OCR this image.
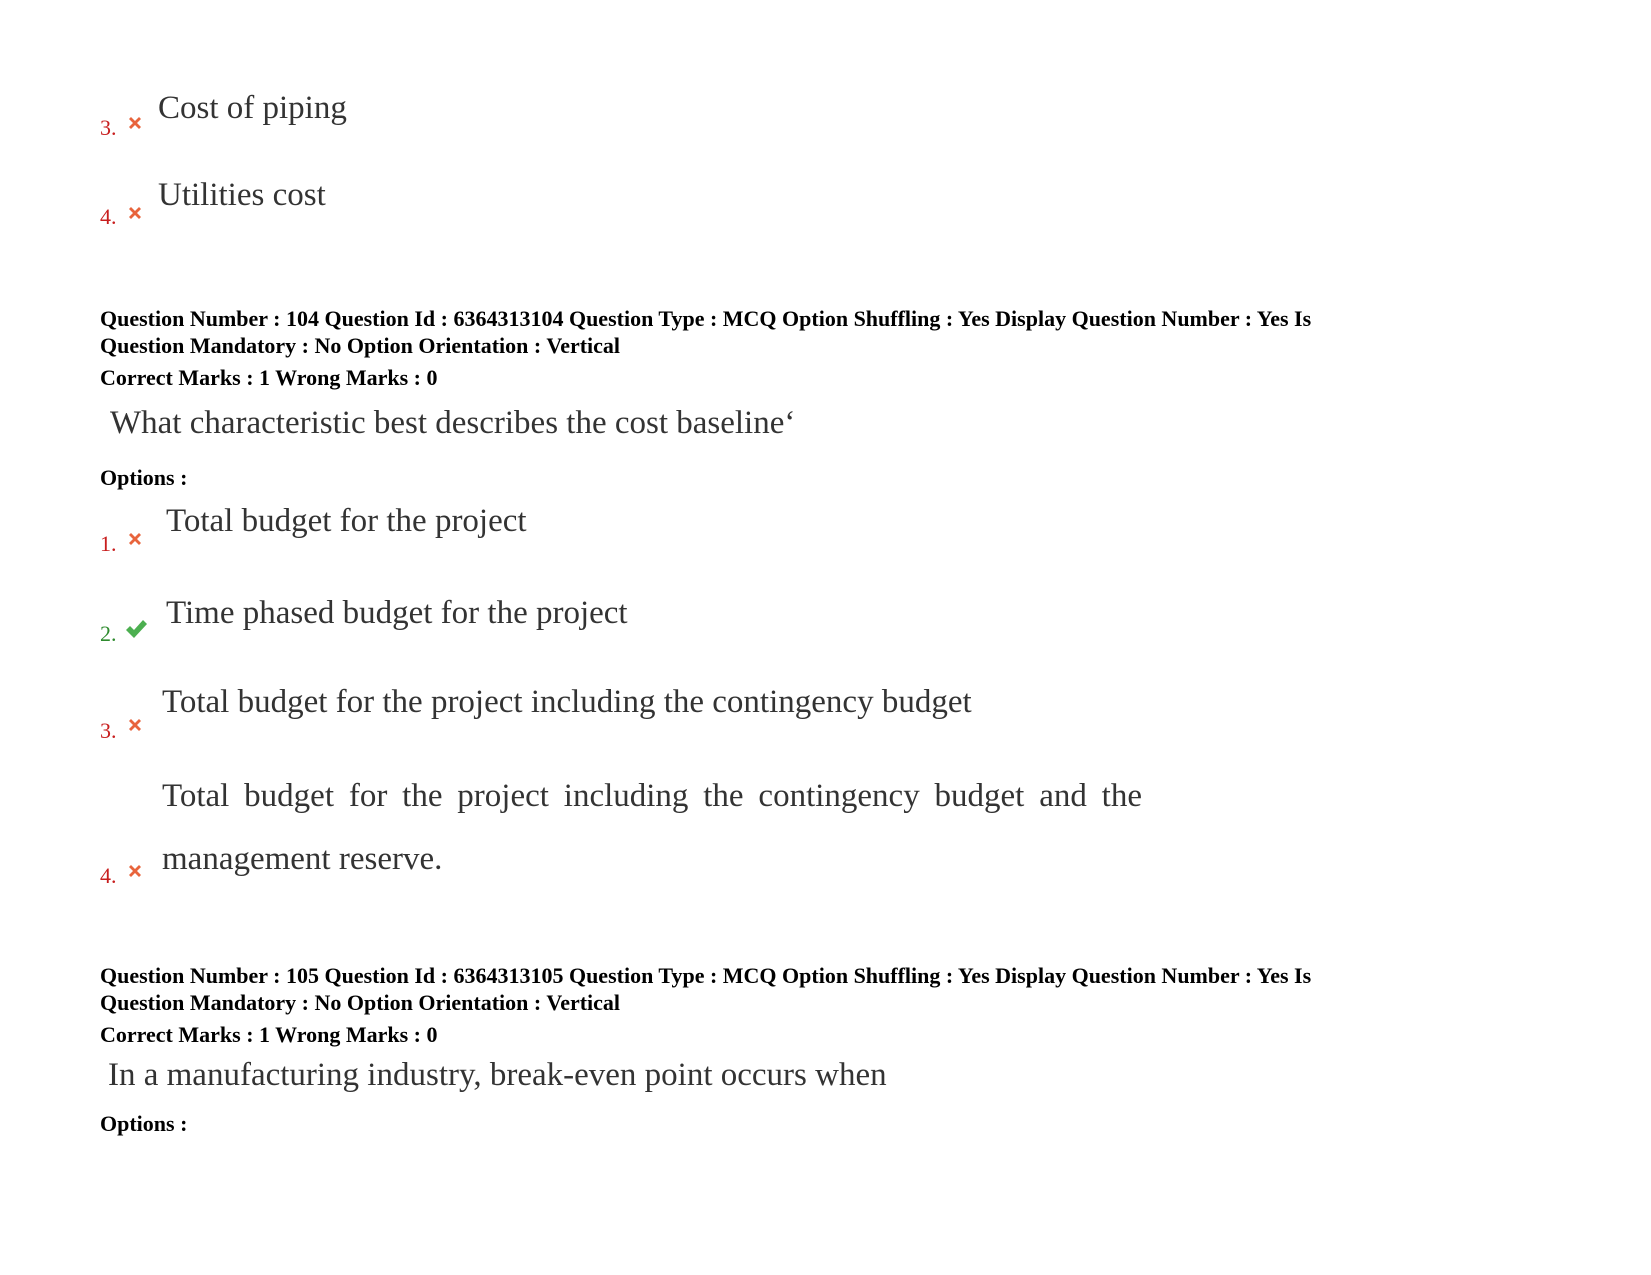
3.
Cost of piping
4.
Utilities cost
Question Number : 104 Question Id : 6364313104 Question Type : MCQ Option Shuffling : Yes Display Question Number : Yes Is
Question Mandatory : No Option Orientation : Vertical
Correct Marks : 1 Wrong Marks : 0
What characteristic best describes the cost baseline‘
Options :
1.
Total budget for the project
2.
Time phased budget for the project
3.
Total budget for the project including the contingency budget
4.
Total budget for the project including the contingency budget and the
management reserve.
Question Number : 105 Question Id : 6364313105 Question Type : MCQ Option Shuffling : Yes Display Question Number : Yes Is
Question Mandatory : No Option Orientation : Vertical
Correct Marks : 1 Wrong Marks : 0
In a manufacturing industry, break-even point occurs when
Options :
